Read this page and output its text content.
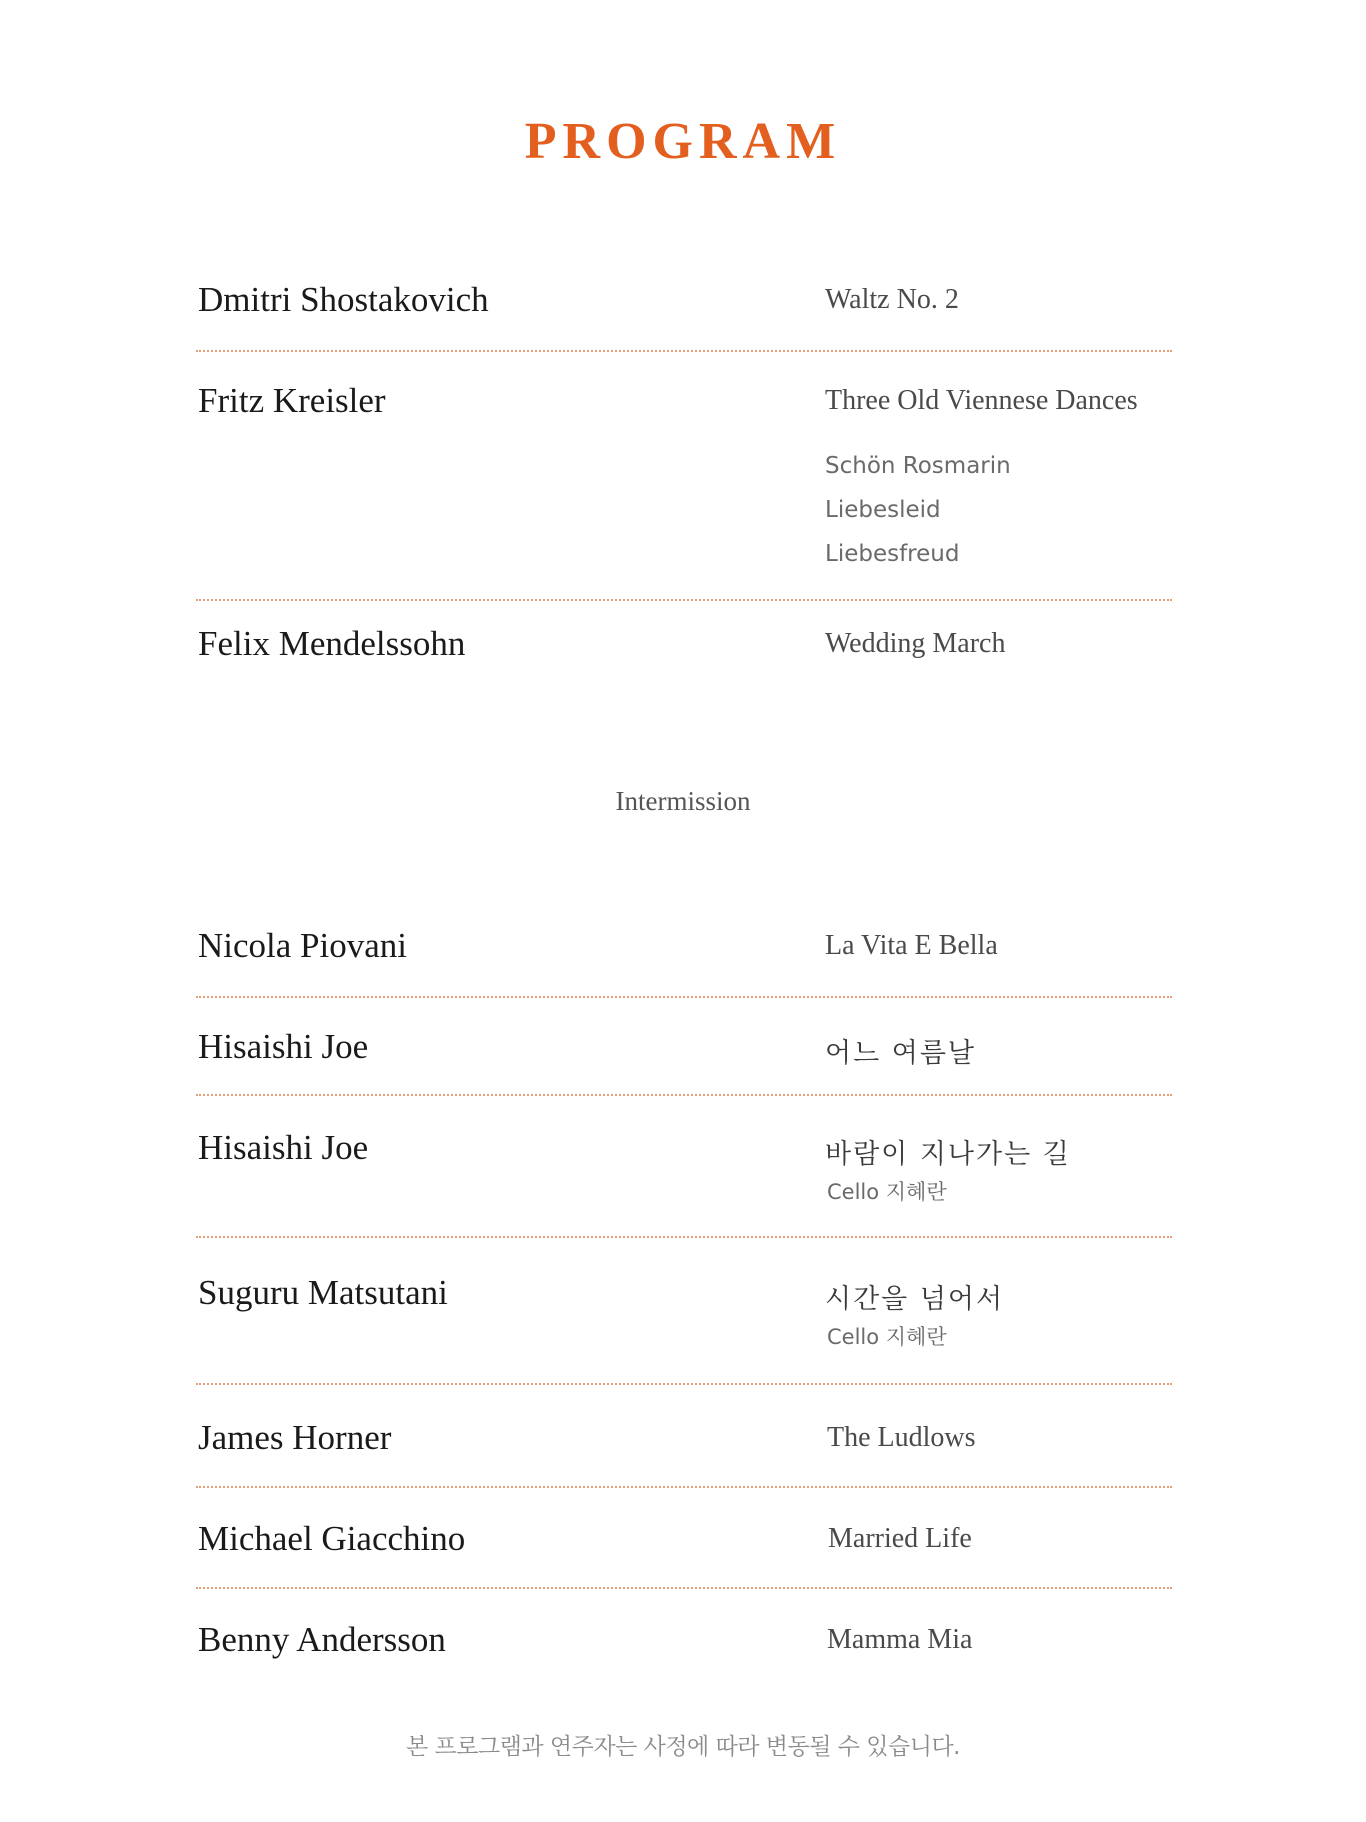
PROGRAM
Dmitri Shostakovich	Waltz No. 2
Fritz Kreisler	Three Old Viennese Dances
Schön Rosmarin
Liebesleid
Liebesfreud
Felix Mendelssohn	Wedding March
Intermission
Nicola Piovani	La Vita E Bella
Hisaishi Joe	어느 여름날
Hisaishi Joe	바람이 지나가는 길
Cello 지혜란
Suguru Matsutani	시간을 넘어서
Cello 지혜란
James Horner	The Ludlows
Michael Giacchino	Married Life
Benny Andersson	Mamma Mia
본 프로그램과 연주자는 사정에 따라 변동될 수 있습니다.
